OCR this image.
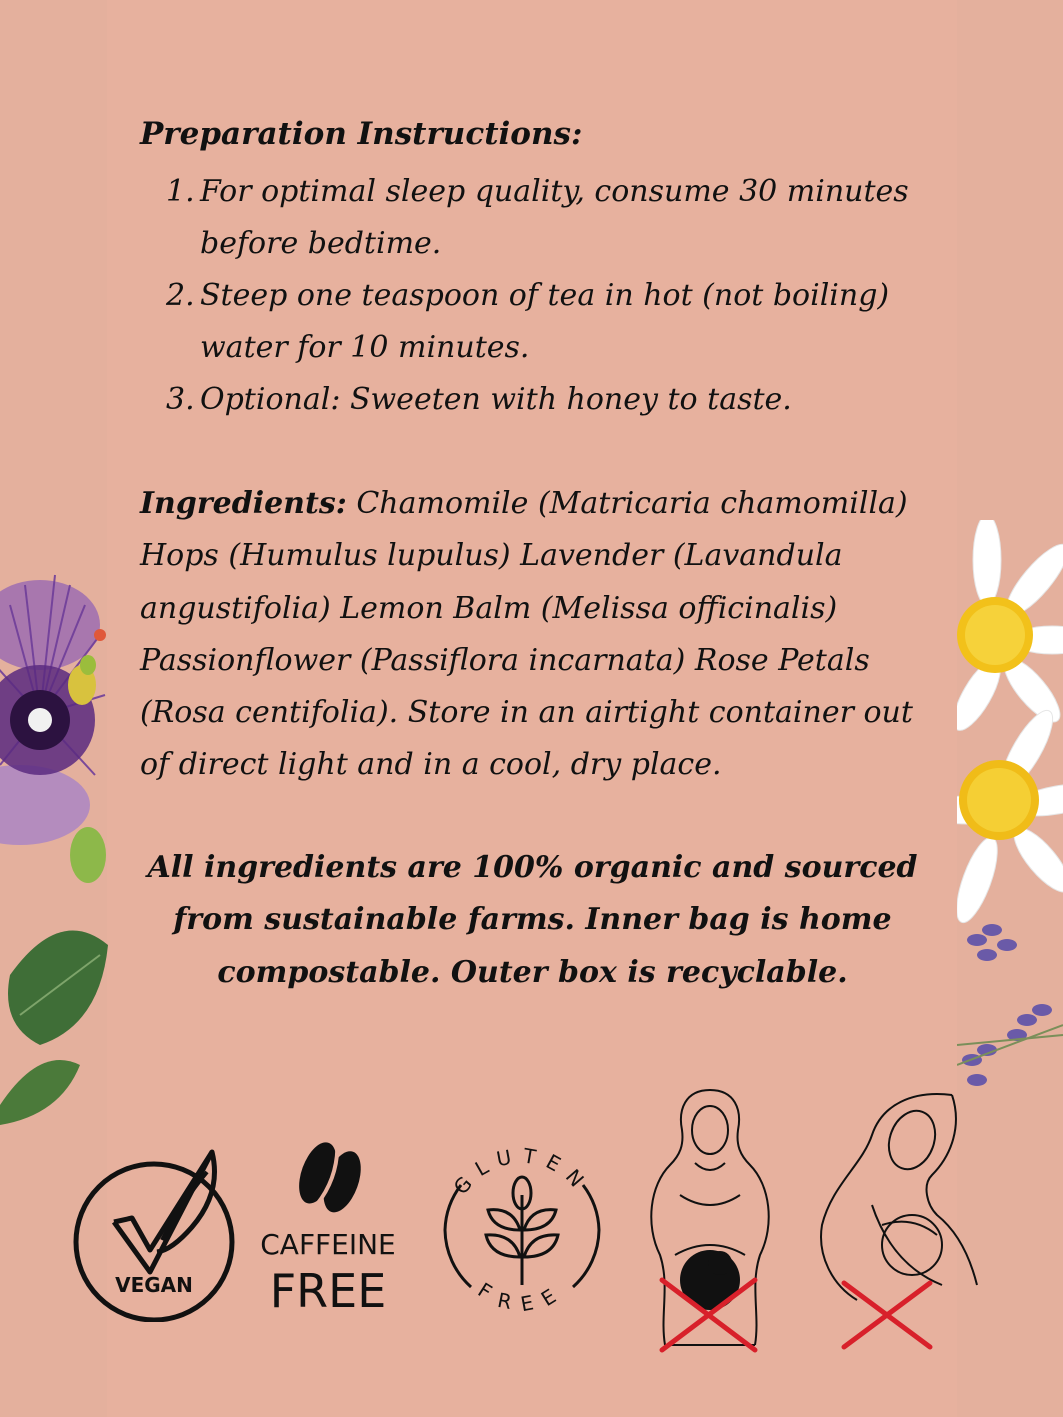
Preparation Instructions:
1. For optimal sleep quality, consume 30 minutes before bedtime.
2. Steep one teaspoon of tea in hot (not boiling) water for 10 minutes.
3. Optional: Sweeten with honey to taste.

Ingredients: Chamomile (Matricaria chamomilla) Hops (Humulus lupulus) Lavender (Lavandula angustifolia) Lemon Balm (Melissa officinalis) Passionflower (Passiflora incarnata) Rose Petals (Rosa centifolia). Store in an airtight container out of direct light and in a cool, dry place.

All ingredients are 100% organic and sourced from sustainable farms. Inner bag is home compostable. Outer box is recyclable.

VEGAN
CAFFEINE
FREE
GLUTEN
FREE
